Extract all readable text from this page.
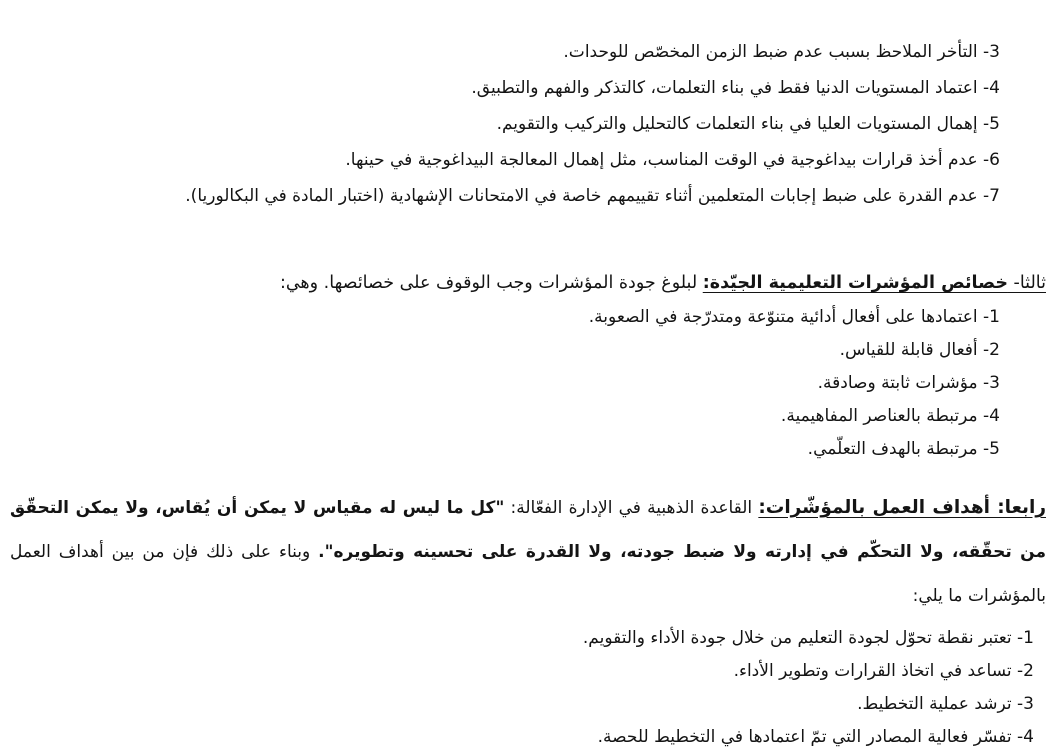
3- التأخر الملاحظ بسبب عدم ضبط الزمن المخصّص للوحدات.
4- اعتماد المستويات الدنيا فقط في بناء التعلمات، كالتذكر والفهم والتطبيق.
5- إهمال المستويات العليا في بناء التعلمات كالتحليل والتركيب والتقويم.
6- عدم أخذ قرارات بيداغوجية في الوقت المناسب، مثل إهمال المعالجة البيداغوجية في حينها.
7- عدم القدرة على ضبط إجابات المتعلمين أثناء تقييمهم خاصة في الامتحانات الإشهادية (اختبار المادة في البكالوريا).
ثالثا- خصائص المؤشرات التعليمية الجيّدة: لبلوغ جودة المؤشرات وجب الوقوف على خصائصها. وهي:
1- اعتمادها على أفعال أدائية متنوّعة ومتدرّجة في الصعوبة.
2- أفعال قابلة للقياس.
3- مؤشرات ثابتة وصادقة.
4- مرتبطة بالعناصر المفاهيمية.
5- مرتبطة بالهدف التعلّمي.
رابعا: أهداف العمل بالمؤشّرات: القاعدة الذهبية في الإدارة الفعّالة: "كل ما ليس له مقياس لا يمكن أن يُقاس، ولا يمكن التحقّق من تحقّقه، ولا التحكّم في إدارته ولا ضبط جودته، ولا القدرة على تحسينه وتطويره". وبناء على ذلك فإن من بين أهداف العمل بالمؤشرات ما يلي:
1- تعتبر نقطة تحوّل لجودة التعليم من خلال جودة الأداء والتقويم.
2- تساعد في اتخاذ القرارات وتطوير الأداء.
3- ترشد عملية التخطيط.
4- تفسّر فعالية المصادر التي تمّ اعتمادها في التخطيط للحصة.
